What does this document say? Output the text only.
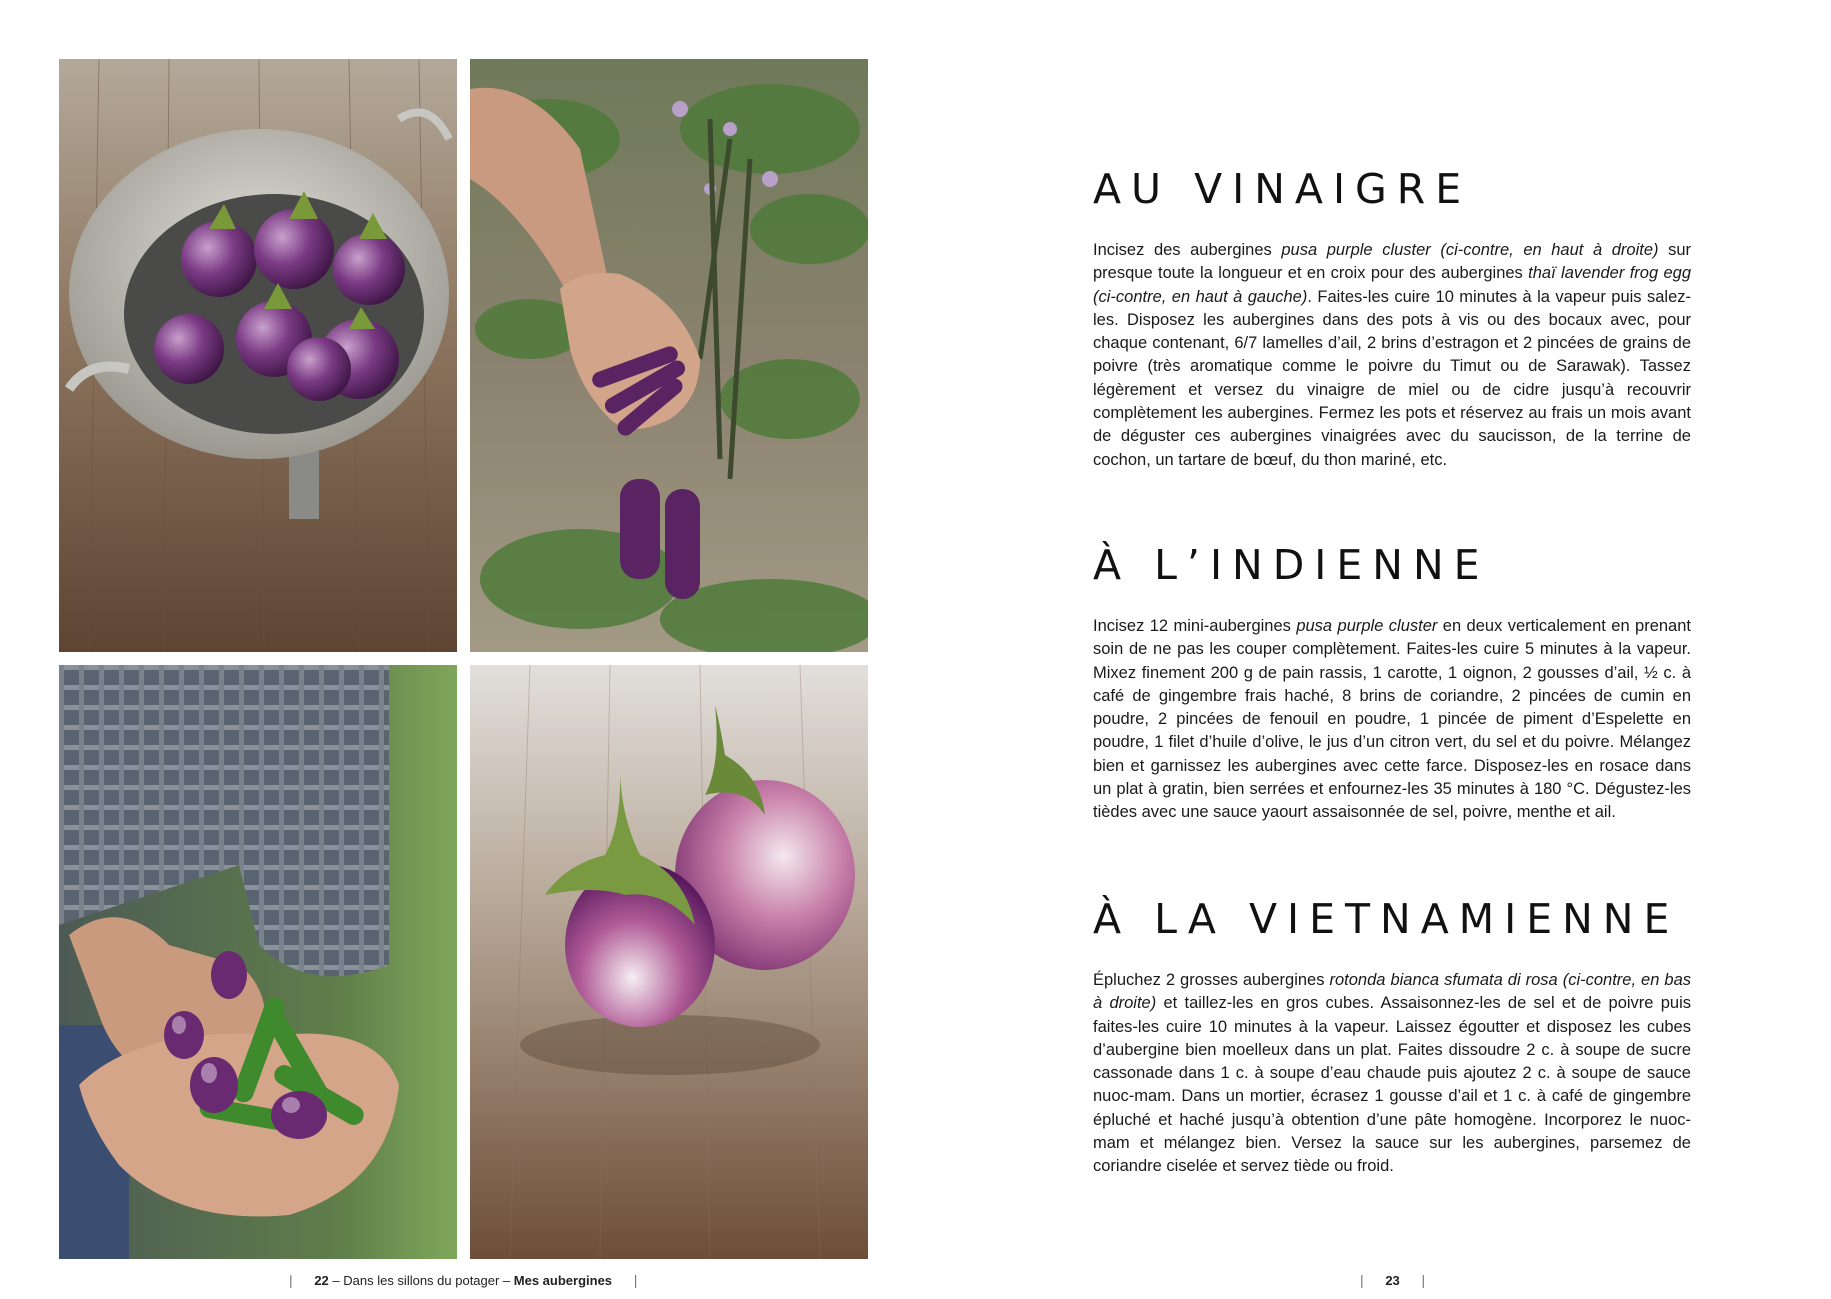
AU VINAIGRE

Incisez des aubergines pusa purple cluster (ci-contre, en haut à droite) sur presque toute la longueur et en croix pour des aubergines thaï lavender frog egg (ci-contre, en haut à gauche). Faites-les cuire 10 minutes à la vapeur puis salez-les. Disposez les aubergines dans des pots à vis ou des bocaux avec, pour chaque contenant, 6/7 lamelles d’ail, 2 brins d’estragon et 2 pincées de grains de poivre (très aromatique comme le poivre du Timut ou de Sarawak). Tassez légèrement et versez du vinaigre de miel ou de cidre jusqu’à recouvrir complètement les aubergines. Fermez les pots et réservez au frais un mois avant de déguster ces aubergines vinaigrées avec du saucisson, de la terrine de cochon, un tartare de bœuf, du thon mariné, etc.

À L’INDIENNE

Incisez 12 mini-aubergines pusa purple cluster en deux verticalement en prenant soin de ne pas les couper complètement. Faites-les cuire 5 minutes à la vapeur. Mixez finement 200 g de pain rassis, 1 carotte, 1 oignon, 2 gousses d’ail, ½ c. à café de gingembre frais haché, 8 brins de coriandre, 2 pincées de cumin en poudre, 2 pincées de fenouil en poudre, 1 pincée de piment d’Espelette en poudre, 1 filet d’huile d’olive, le jus d’un citron vert, du sel et du poivre. Mélangez bien et garnissez les aubergines avec cette farce. Disposez-les en rosace dans un plat à gratin, bien serrées et enfournez-les 35 minutes à 180 °C. Dégustez-les tièdes avec une sauce yaourt assaisonnée de sel, poivre, menthe et ail.

À LA VIETNAMIENNE

Épluchez 2 grosses aubergines rotonda bianca sfumata di rosa (ci-contre, en bas à droite) et taillez-les en gros cubes. Assaisonnez-les de sel et de poivre puis faites-les cuire 10 minutes à la vapeur. Laissez égoutter et disposez les cubes d’aubergine bien moelleux dans un plat. Faites dissoudre 2 c. à soupe de sucre cassonade dans 1 c. à soupe d’eau chaude puis ajoutez 2 c. à soupe de sauce nuoc-mam. Dans un mortier, écrasez 1 gousse d’ail et 1 c. à café de gingembre épluché et haché jusqu’à obtention d’une pâte homogène. Incorporez le nuoc-mam et mélangez bien. Versez la sauce sur les aubergines, parsemez de coriandre ciselée et servez tiède ou froid.

| 22 – Dans les sillons du potager – Mes aubergines |	| 23 |
